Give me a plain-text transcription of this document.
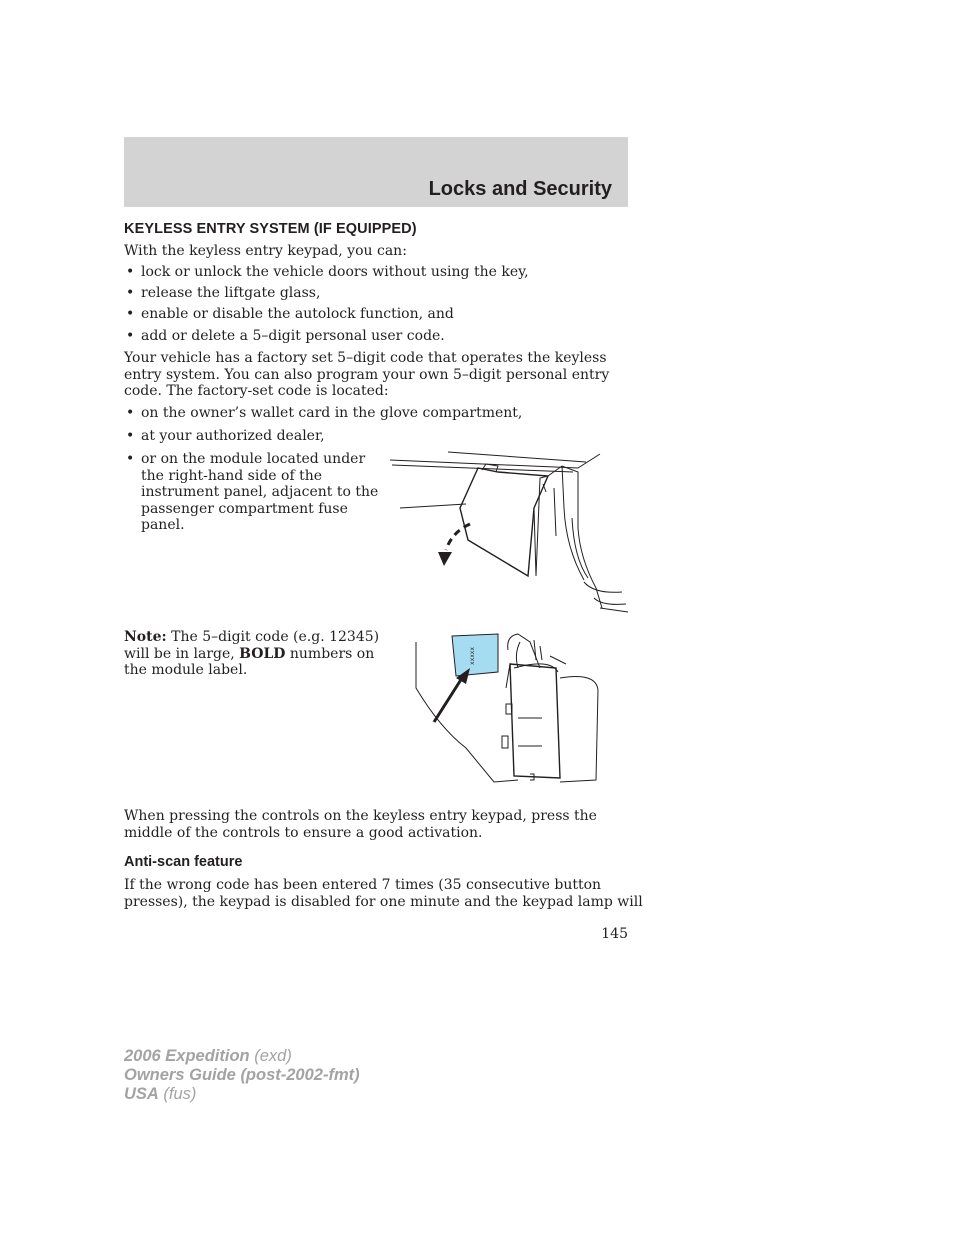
Locks and Security
KEYLESS ENTRY SYSTEM (IF EQUIPPED)
With the keyless entry keypad, you can:
• lock or unlock the vehicle doors without using the key,
• release the liftgate glass,
• enable or disable the autolock function, and
• add or delete a 5–digit personal user code.
Your vehicle has a factory set 5–digit code that operates the keyless
entry system. You can also program your own 5–digit personal entry
code. The factory-set code is located:
• on the owner’s wallet card in the glove compartment,
• at your authorized dealer,
• or on the module located under
the right-hand side of the
instrument panel, adjacent to the
passenger compartment fuse
panel.
Note: The 5–digit code (e.g. 12345)
will be in large, BOLD numbers on
the module label.
xxxxx
When pressing the controls on the keyless entry keypad, press the
middle of the controls to ensure a good activation.
Anti-scan feature
If the wrong code has been entered 7 times (35 consecutive button
presses), the keypad is disabled for one minute and the keypad lamp will
145
2006 Expedition (exd)
Owners Guide (post-2002-fmt)
USA (fus)
